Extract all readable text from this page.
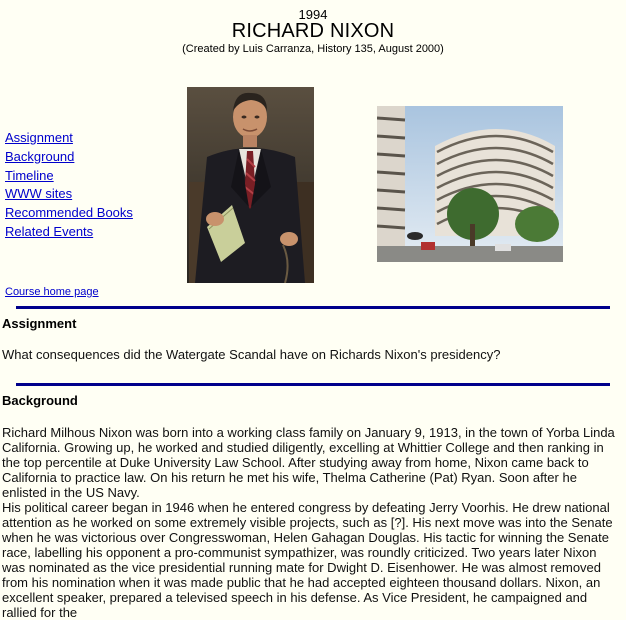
1994
RICHARD NIXON
(Created by Luis Carranza, History 135, August 2000)
Assignment
Background
Timeline
WWW sites
Recommended Books
Related Events
Course home page
Assignment
What consequences did the Watergate Scandal have on Richards Nixon's presidency?
Background
Richard Milhous Nixon was born into a working class family on January 9, 1913, in the town of Yorba Linda California. Growing up, he worked and studied diligently, excelling at Whittier College and then ranking in the top percentile at Duke University Law School. After studying away from home, Nixon came back to California to practice law. On his return he met his wife, Thelma Catherine (Pat) Ryan. Soon after he enlisted in the US Navy.
His political career began in 1946 when he entered congress by defeating Jerry Voorhis. He drew national attention as he worked on some extremely visible projects, such as [?]. His next move was into the Senate when he was victorious over Congresswoman, Helen Gahagan Douglas. His tactic for winning the Senate race, labelling his opponent a pro-communist sympathizer, was roundly criticized. Two years later Nixon was nominated as the vice presidential running mate for Dwight D. Eisenhower. He was almost removed from his nomination when it was made public that he had accepted eighteen thousand dollars. Nixon, an excellent speaker, prepared a televised speech in his defense. As Vice President, he campaigned and rallied for the
